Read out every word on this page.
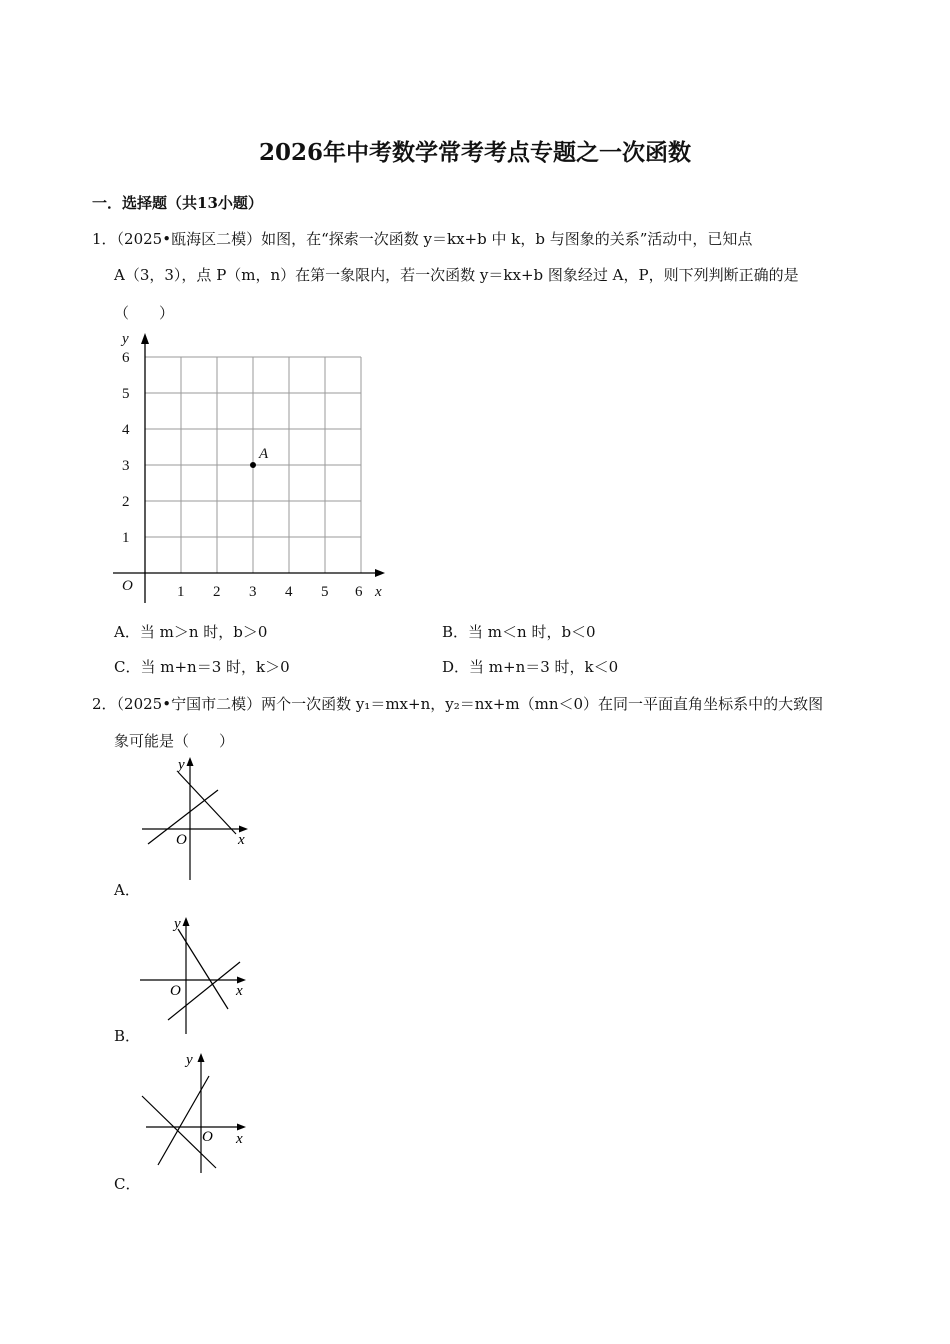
2026年中考数学常考考点专题之一次函数
一．选择题（共13小题）
1．（2025•瓯海区二模）如图，在“探索一次函数 y＝kx+b 中 k，b 与图象的关系”活动中，已知点
A（3，3），点 P（m，n）在第一象限内，若一次函数 y＝kx+b 图象经过 A，P，则下列判断正确的是
（　　）
1 2 3 4 5 6
1
2
3
4
5
6
x
y
O
A
A．当 m＞n 时，b＞0	B．当 m＜n 时，b＜0
C．当 m+n＝3 时，k＞0	D．当 m+n＝3 时，k＜0
2．（2025•宁国市二模）两个一次函数 y₁＝mx+n，y₂＝nx+m（mn＜0）在同一平面直角坐标系中的大致图
象可能是（　　）
x
y
O
A．
x
y
O
B．
x
y
O
C．
